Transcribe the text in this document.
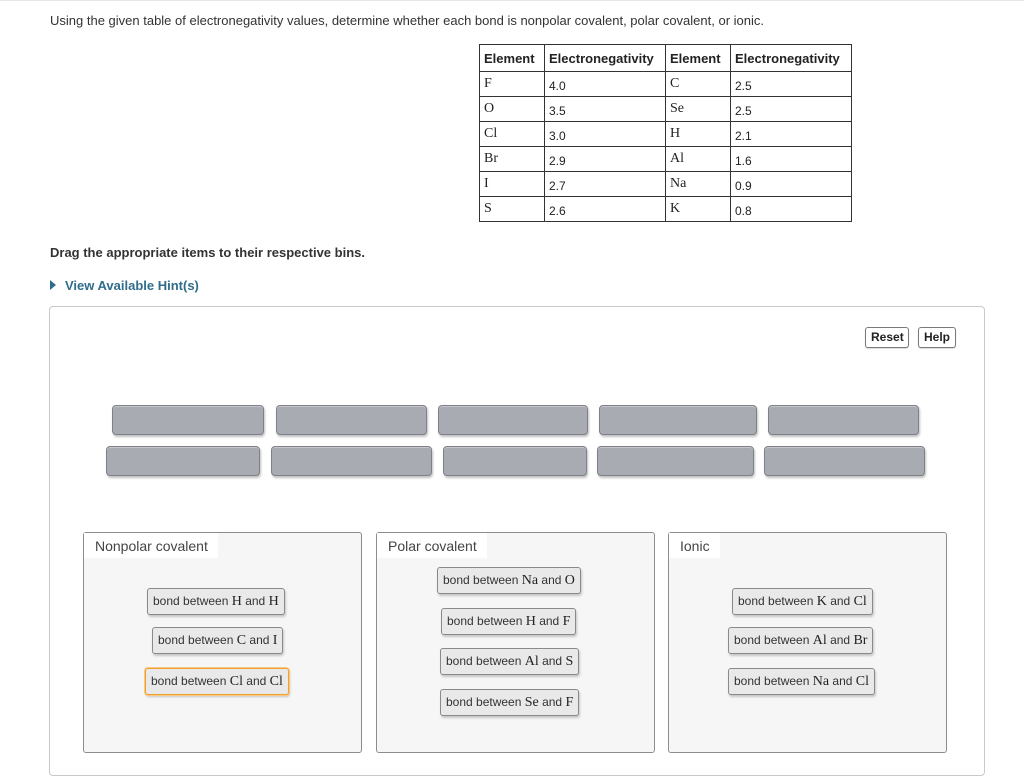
Using the given table of electronegativity values, determine whether each bond is nonpolar covalent, polar covalent, or ionic.
Element	Electronegativity	Element	Electronegativity
F	4.0	C	2.5
O	3.5	Se	2.5
Cl	3.0	H	2.1
Br	2.9	Al	1.6
I	2.7	Na	0.9
S	2.6	K	0.8
Drag the appropriate items to their respective bins.
View Available Hint(s)
Reset	Help
Nonpolar covalent	Polar covalent	Ionic
bond between H and H
bond between C and I
bond between Cl and Cl
bond between Na and O
bond between H and F
bond between Al and S
bond between Se and F
bond between K and Cl
bond between Al and Br
bond between Na and Cl
